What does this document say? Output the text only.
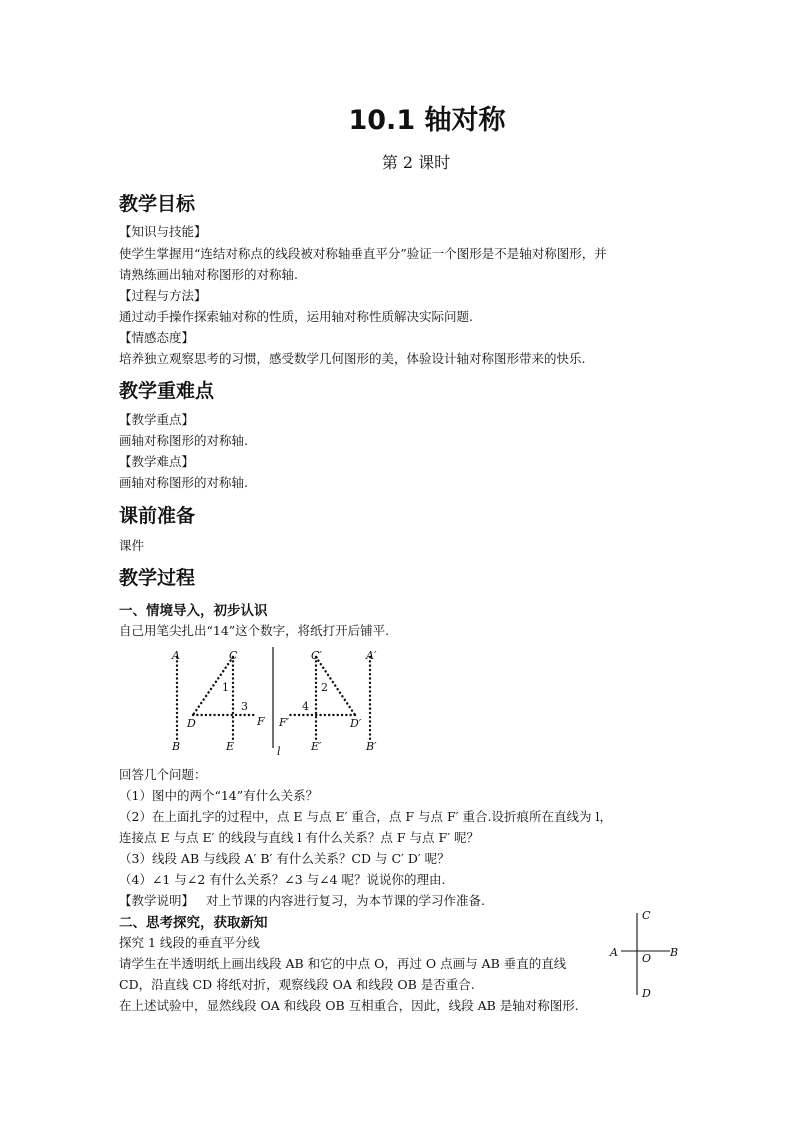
10.1 轴对称
第 2 课时
教学目标
【知识与技能】
使学生掌握用“连结对称点的线段被对称轴垂直平分”验证一个图形是不是轴对称图形，并
请熟练画出轴对称图形的对称轴.
【过程与方法】
通过动手操作探索轴对称的性质，运用轴对称性质解决实际问题.
【情感态度】
培养独立观察思考的习惯，感受数学几何图形的美，体验设计轴对称图形带来的快乐.
教学重难点
【教学重点】
画轴对称图形的对称轴.
【教学难点】
画轴对称图形的对称轴.
课前准备
课件
教学过程
一、情境导入，初步认识
自己用笔尖扎出“14”这个数字，将纸打开后铺平.
A
B
C
D
E
F
1
3
l
F′
E′
C′
D′
A′
B′
2
4
回答几个问题：
（1）图中的两个“14”有什么关系？
（2）在上面扎字的过程中，点 E 与点 E′ 重合，点 F 与点 F′ 重合.设折痕所在直线为 l，
连接点 E 与点 E′ 的线段与直线 l 有什么关系？点 F 与点 F′ 呢？
（3）线段 AB 与线段 A′ B′ 有什么关系？CD 与 C′ D′ 呢？
（4）∠1 与∠2 有什么关系？∠3 与∠4 呢？说说你的理由.
【教学说明】 对上节课的内容进行复习，为本节课的学习作准备.
二、思考探究，获取新知
探究 1 线段的垂直平分线
请学生在半透明纸上画出线段 AB 和它的中点 O，再过 O 点画与 AB 垂直的直线
CD，沿直线 CD 将纸对折，观察线段 OA 和线段 OB 是否重合.
在上述试验中，显然线段 OA 和线段 OB 互相重合，因此，线段 AB 是轴对称图形.
C
A	B
O
D
